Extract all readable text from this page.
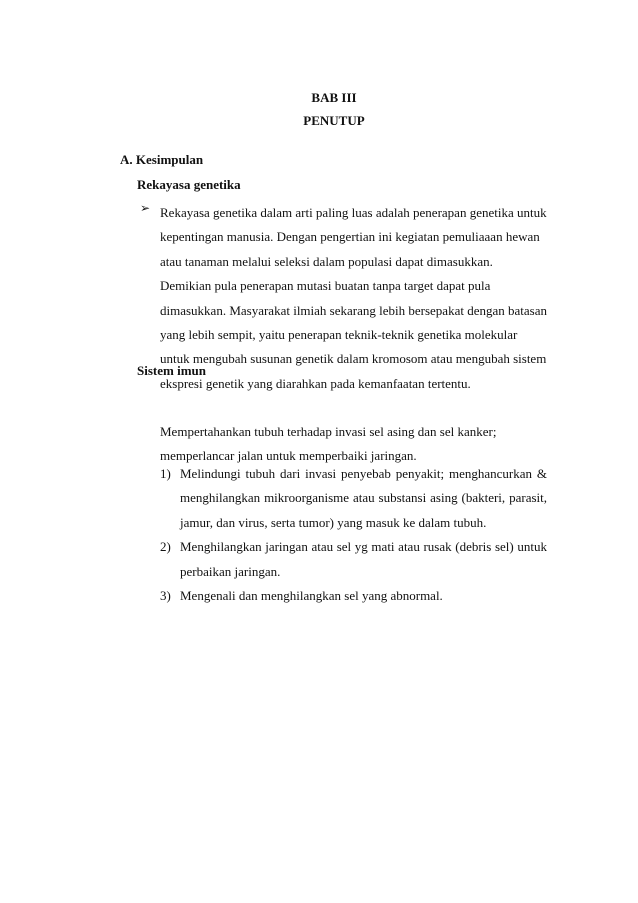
BAB III

PENUTUP

A. Kesimpulan

Rekayasa genetika

➢ Rekayasa genetika dalam arti paling luas adalah penerapan genetika untuk kepentingan manusia. Dengan pengertian ini kegiatan pemuliaaan hewan atau tanaman melalui seleksi dalam populasi dapat dimasukkan. Demikian pula penerapan mutasi buatan tanpa target dapat pula dimasukkan. Masyarakat ilmiah sekarang lebih bersepakat dengan batasan yang lebih sempit, yaitu penerapan teknik-teknik genetika molekular untuk mengubah susunan genetik dalam kromosom atau mengubah sistem ekspresi genetik yang diarahkan pada kemanfaatan tertentu.

Sistem imun

Mempertahankan tubuh terhadap invasi sel asing dan sel kanker; memperlancar jalan untuk memperbaiki jaringan.

1) Melindungi tubuh dari invasi penyebab penyakit; menghancurkan & menghilangkan mikroorganisme atau substansi asing (bakteri, parasit, jamur, dan virus, serta tumor) yang masuk ke dalam tubuh.
2) Menghilangkan jaringan atau sel yg mati atau rusak (debris sel) untuk perbaikan jaringan.
3) Mengenali dan menghilangkan sel yang abnormal.
